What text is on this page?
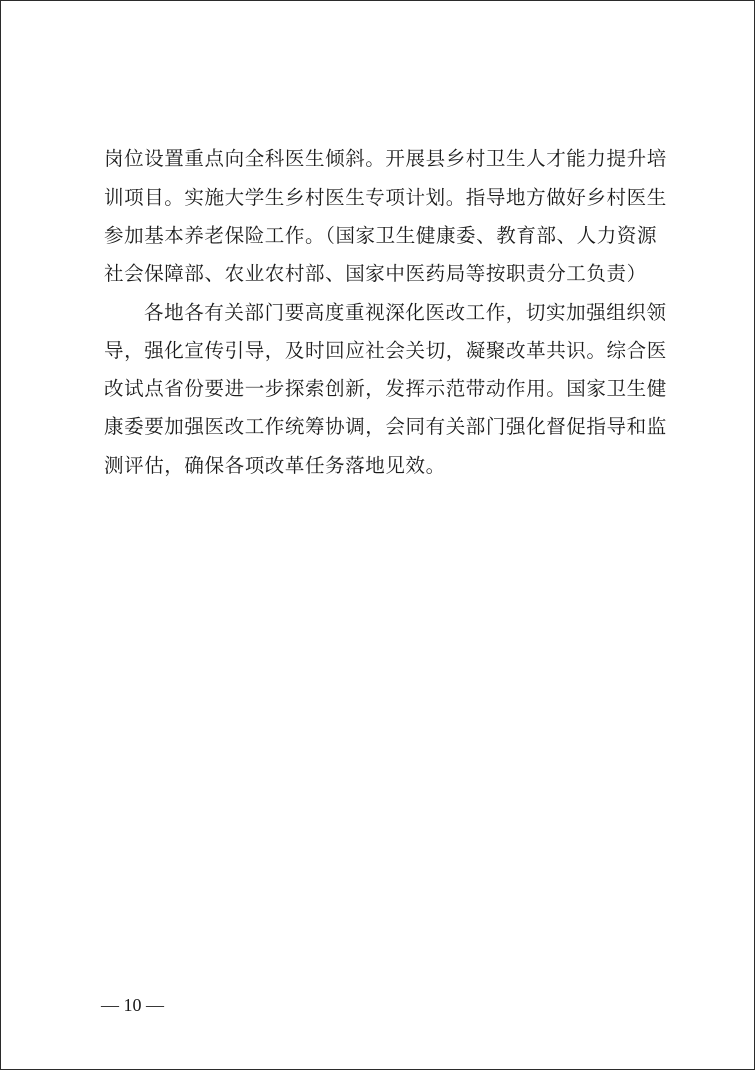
岗位设置重点向全科医生倾斜。开展县乡村卫生人才能力提升培
训项目。实施大学生乡村医生专项计划。指导地方做好乡村医生
参加基本养老保险工作。（国家卫生健康委、教育部、人力资源
社会保障部、农业农村部、国家中医药局等按职责分工负责）
各地各有关部门要高度重视深化医改工作，切实加强组织领
导，强化宣传引导，及时回应社会关切，凝聚改革共识。综合医
改试点省份要进一步探索创新，发挥示范带动作用。国家卫生健
康委要加强医改工作统筹协调，会同有关部门强化督促指导和监
测评估，确保各项改革任务落地见效。
— 10 —
